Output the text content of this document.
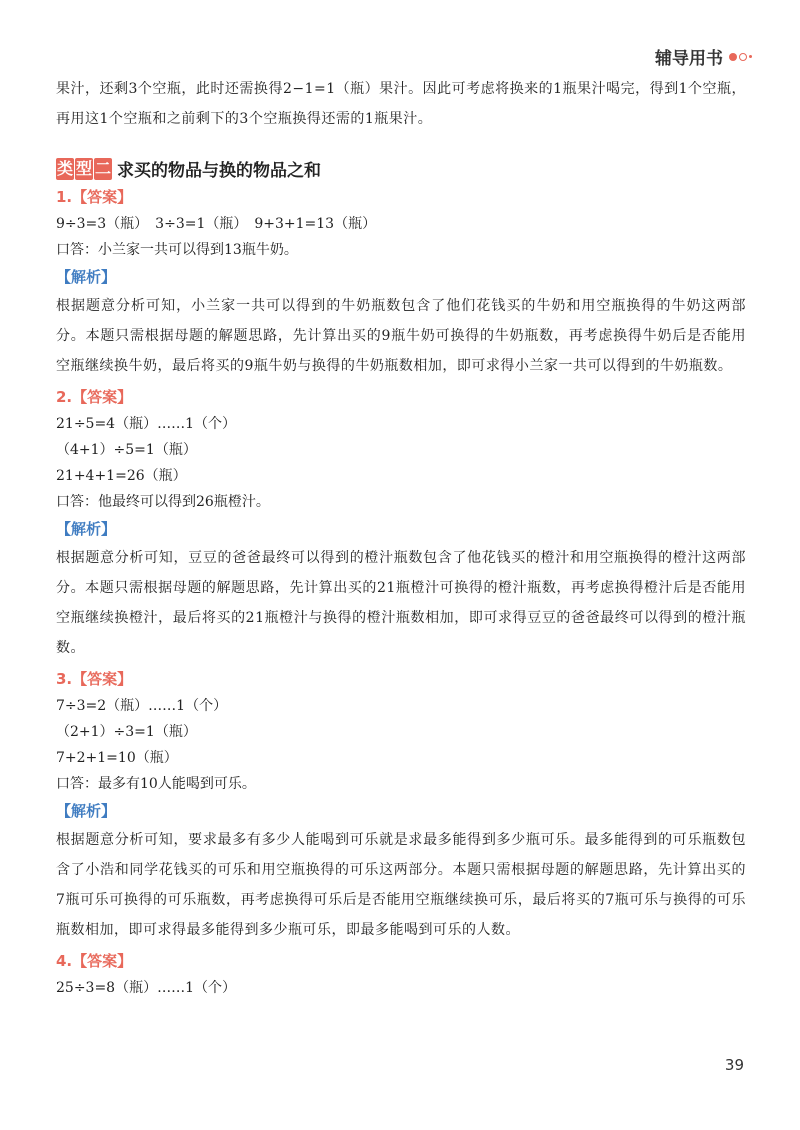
辅导用书

果汁，还剩3个空瓶，此时还需换得2−1=1（瓶）果汁。因此可考虑将换来的1瓶果汁喝完，得到1个空瓶，再用这1个空瓶和之前剩下的3个空瓶换得还需的1瓶果汁。

类 型 二 求买的物品与换的物品之和
1.【答案】

9÷3=3（瓶）　3÷3=1（瓶）　9+3+1=13（瓶）

口答：小兰家一共可以得到13瓶牛奶。

【解析】

根据题意分析可知，小兰家一共可以得到的牛奶瓶数包含了他们花钱买的牛奶和用空瓶换得的牛奶这两部分。本题只需根据母题的解题思路，先计算出买的9瓶牛奶可换得的牛奶瓶数，再考虑换得牛奶后是否能用空瓶继续换牛奶，最后将买的9瓶牛奶与换得的牛奶瓶数相加，即可求得小兰家一共可以得到的牛奶瓶数。

2.【答案】

21÷5=4（瓶）……1（个）

（4+1）÷5=1（瓶）

21+4+1=26（瓶）

口答：他最终可以得到26瓶橙汁。

【解析】

根据题意分析可知，豆豆的爸爸最终可以得到的橙汁瓶数包含了他花钱买的橙汁和用空瓶换得的橙汁这两部分。本题只需根据母题的解题思路，先计算出买的21瓶橙汁可换得的橙汁瓶数，再考虑换得橙汁后是否能用空瓶继续换橙汁，最后将买的21瓶橙汁与换得的橙汁瓶数相加，即可求得豆豆的爸爸最终可以得到的橙汁瓶数。

3.【答案】

7÷3=2（瓶）……1（个）

（2+1）÷3=1（瓶）

7+2+1=10（瓶）

口答：最多有10人能喝到可乐。

【解析】

根据题意分析可知，要求最多有多少人能喝到可乐就是求最多能得到多少瓶可乐。最多能得到的可乐瓶数包含了小浩和同学花钱买的可乐和用空瓶换得的可乐这两部分。本题只需根据母题的解题思路，先计算出买的7瓶可乐可换得的可乐瓶数，再考虑换得可乐后是否能用空瓶继续换可乐，最后将买的7瓶可乐与换得的可乐瓶数相加，即可求得最多能得到多少瓶可乐，即最多能喝到可乐的人数。

4.【答案】

25÷3=8（瓶）……1（个）

39
